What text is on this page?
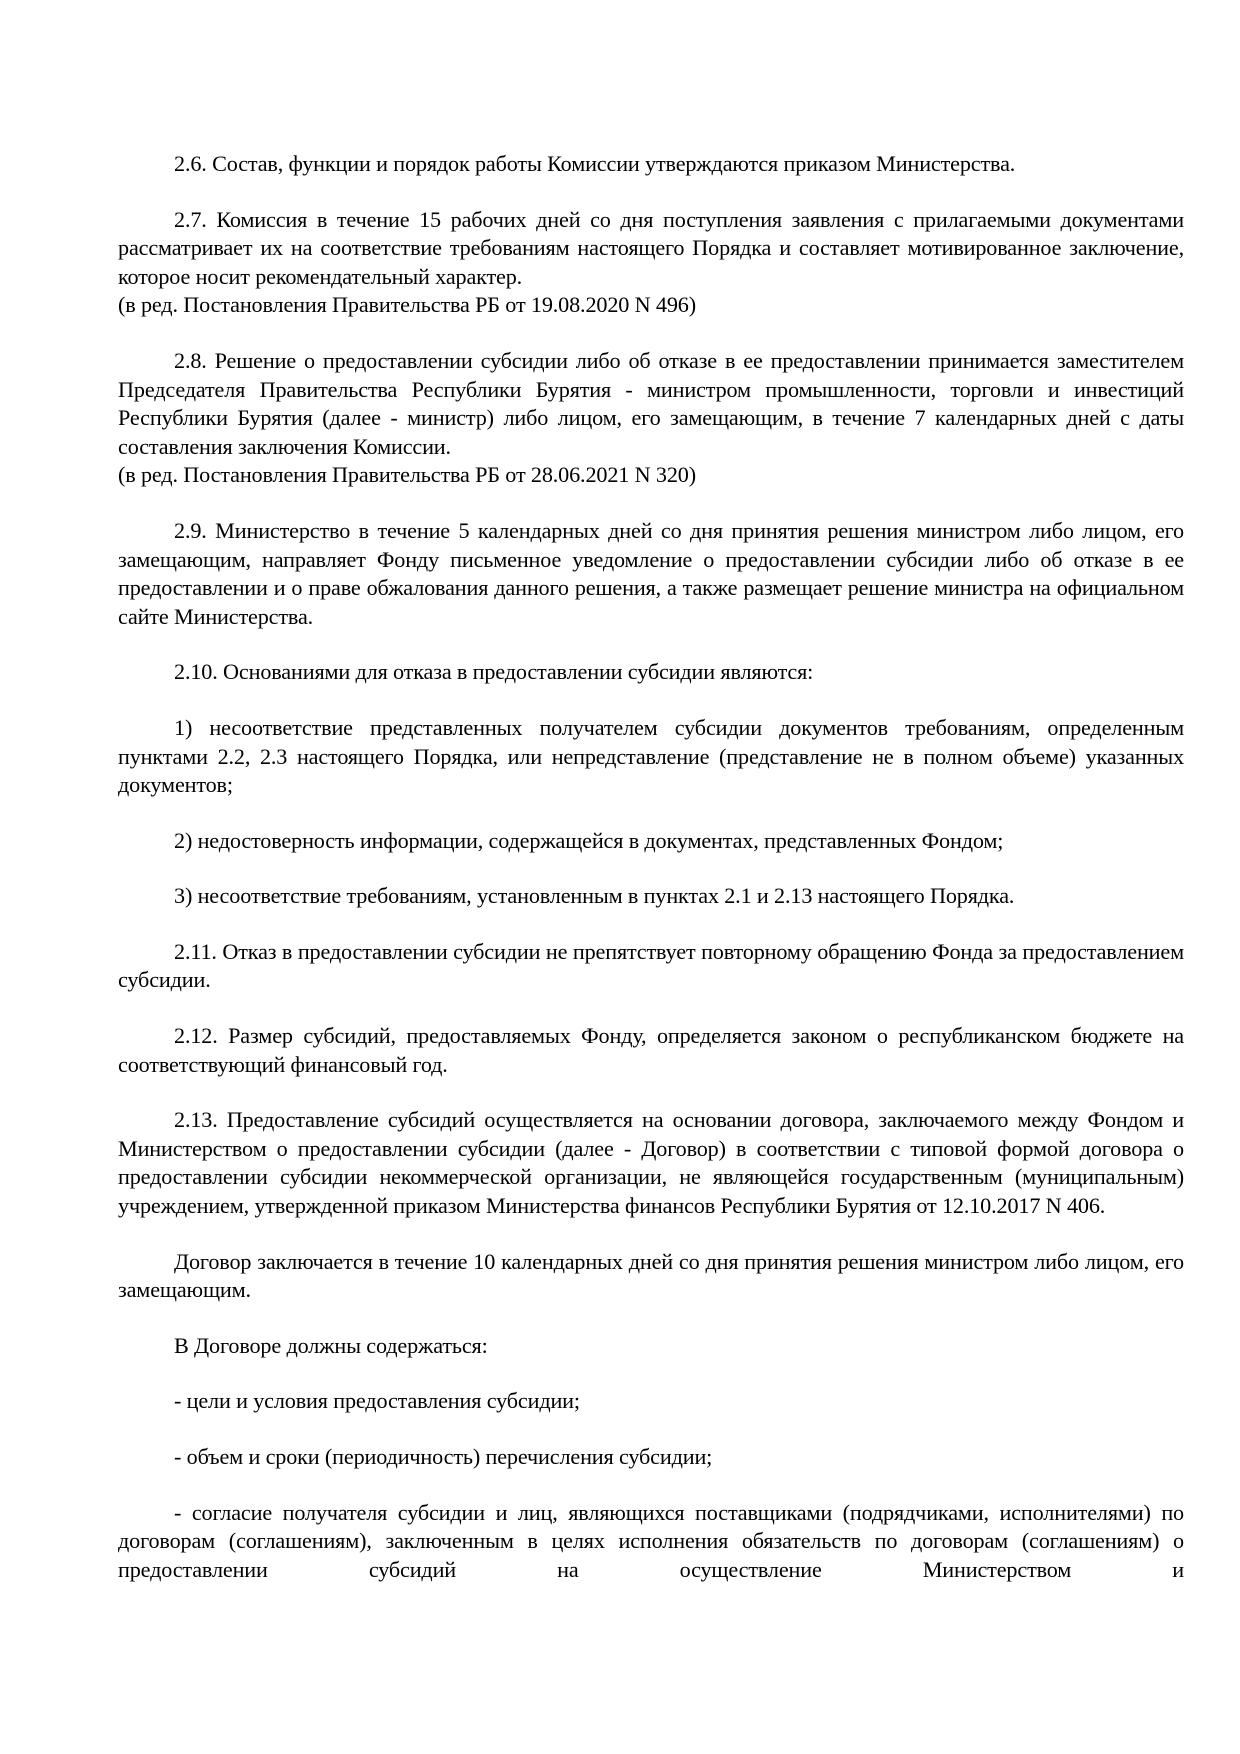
2.6. Состав, функции и порядок работы Комиссии утверждаются приказом Министерства.

2.7. Комиссия в течение 15 рабочих дней со дня поступления заявления с прилагаемыми документами рассматривает их на соответствие требованиям настоящего Порядка и составляет мотивированное заключение, которое носит рекомендательный характер.
(в ред. Постановления Правительства РБ от 19.08.2020 N 496)

2.8. Решение о предоставлении субсидии либо об отказе в ее предоставлении принимается заместителем Председателя Правительства Республики Бурятия - министром промышленности, торговли и инвестиций Республики Бурятия (далее - министр) либо лицом, его замещающим, в течение 7 календарных дней с даты составления заключения Комиссии.
(в ред. Постановления Правительства РБ от 28.06.2021 N 320)

2.9. Министерство в течение 5 календарных дней со дня принятия решения министром либо лицом, его замещающим, направляет Фонду письменное уведомление о предоставлении субсидии либо об отказе в ее предоставлении и о праве обжалования данного решения, а также размещает решение министра на официальном сайте Министерства.

2.10. Основаниями для отказа в предоставлении субсидии являются:

1) несоответствие представленных получателем субсидии документов требованиям, определенным пунктами 2.2, 2.3 настоящего Порядка, или непредставление (представление не в полном объеме) указанных документов;

2) недостоверность информации, содержащейся в документах, представленных Фондом;

3) несоответствие требованиям, установленным в пунктах 2.1 и 2.13 настоящего Порядка.

2.11. Отказ в предоставлении субсидии не препятствует повторному обращению Фонда за предоставлением субсидии.

2.12. Размер субсидий, предоставляемых Фонду, определяется законом о республиканском бюджете на соответствующий финансовый год.

2.13. Предоставление субсидий осуществляется на основании договора, заключаемого между Фондом и Министерством о предоставлении субсидии (далее - Договор) в соответствии с типовой формой договора о предоставлении субсидии некоммерческой организации, не являющейся государственным (муниципальным) учреждением, утвержденной приказом Министерства финансов Республики Бурятия от 12.10.2017 N 406.

Договор заключается в течение 10 календарных дней со дня принятия решения министром либо лицом, его замещающим.

В Договоре должны содержаться:

- цели и условия предоставления субсидии;

- объем и сроки (периодичность) перечисления субсидии;

- согласие получателя субсидии и лиц, являющихся поставщиками (подрядчиками, исполнителями) по договорам (соглашениям), заключенным в целях исполнения обязательств по договорам (соглашениям) о предоставлении субсидий на осуществление Министерством и
